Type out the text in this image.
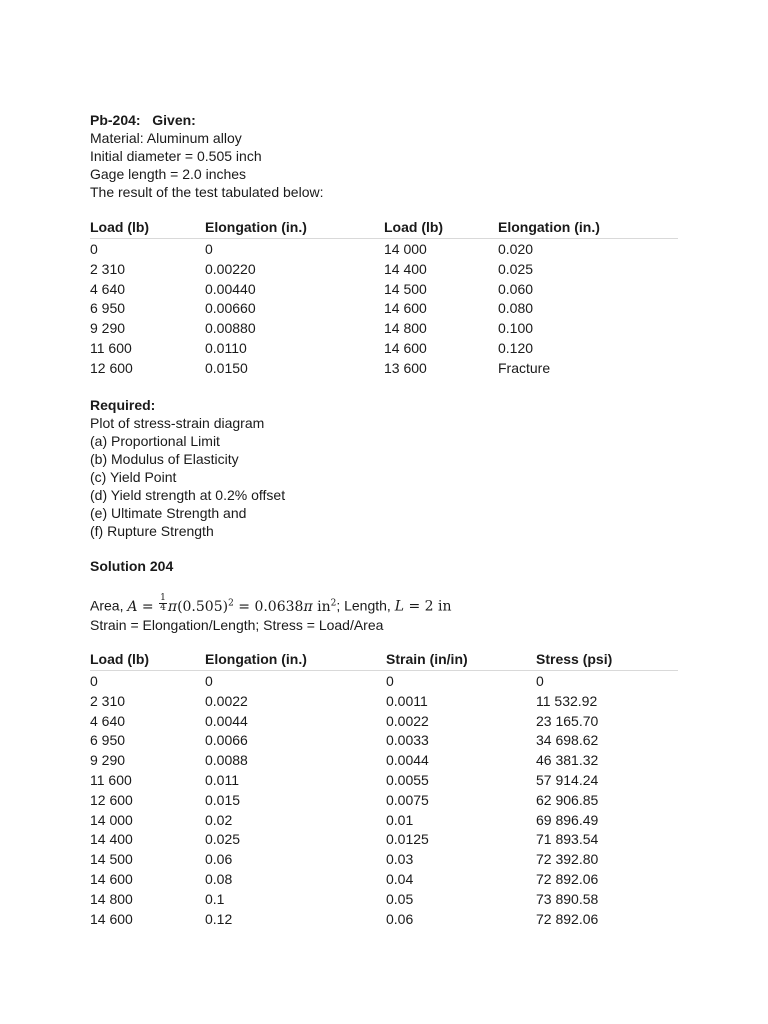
Pb-204: Given:
Material: Aluminum alloy
Initial diameter = 0.505 inch
Gage length = 2.0 inches
The result of the test tabulated below:
Load (lb)	Elongation (in.)	Load (lb)	Elongation (in.)
0	0	14 000	0.020
2 310	0.00220	14 400	0.025
4 640	0.00440	14 500	0.060
6 950	0.00660	14 600	0.080
9 290	0.00880	14 800	0.100
11 600	0.0110	14 600	0.120
12 600	0.0150	13 600	Fracture
Required:
Plot of stress-strain diagram
(a) Proportional Limit
(b) Modulus of Elasticity
(c) Yield Point
(d) Yield strength at 0.2% offset
(e) Ultimate Strength and
(f) Rupture Strength
Solution 204
Area, $A = \frac{1}{4} \pi(0.505)^2 = 0.0638\pi$ $in^2$; Length, L = 2 in
Strain = Elongation/Length; Stress = Load/Area
Load (lb)	Elongation (in.)	Strain (in/in)	Stress (psi)
0	0	0	0
2 310	0.0022	0.0011	11 532.92
4 640	0.0044	0.0022	23 165.70
6 950	0.0066	0.0033	34 698.62
9 290	0.0088	0.0044	46 381.32
11 600	0.011	0.0055	57 914.24
12 600	0.015	0.0075	62 906.85
14 000	0.02	0.01	69 896.49
14 400	0.025	0.0125	71 893.54
14 500	0.06	0.03	72 392.80
14 600	0.08	0.04	72 892.06
14 800	0.1	0.05	73 890.58
14 600	0.12	0.06	72 892.06
